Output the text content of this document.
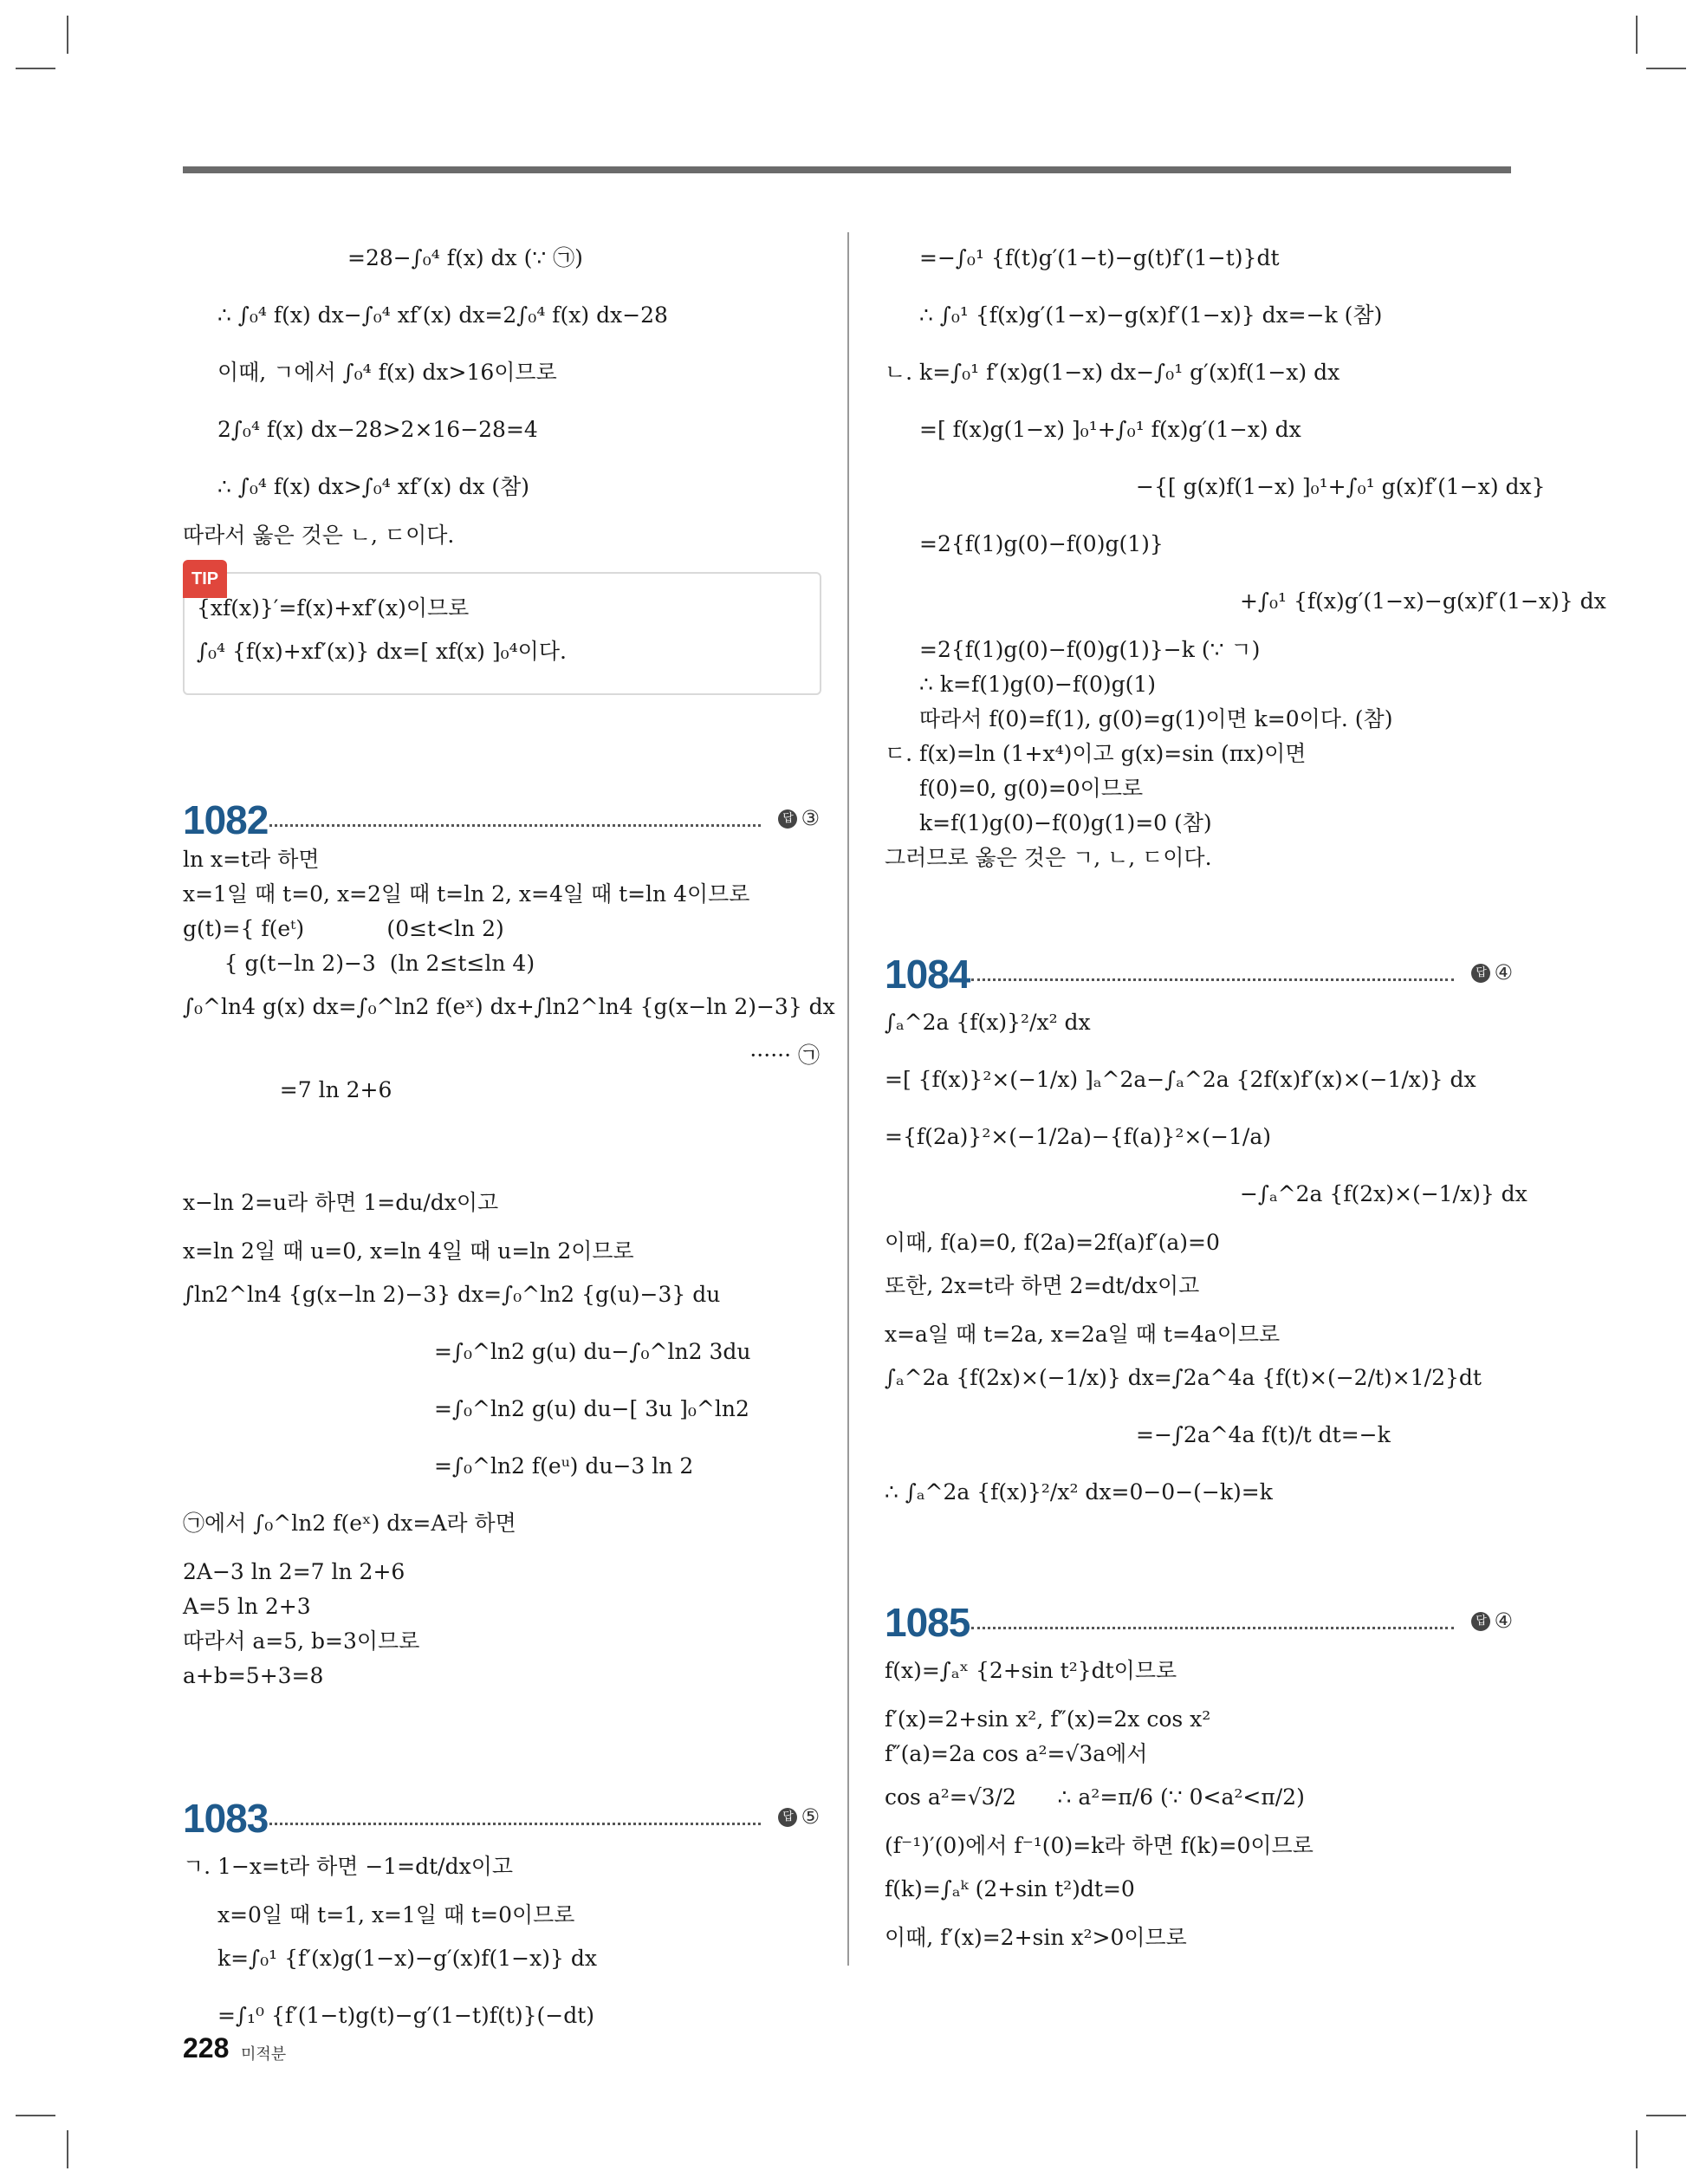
=28−∫₀⁴ f(x) dx (∵ ㉠)
∴ ∫₀⁴ f(x) dx−∫₀⁴ xf′(x) dx=2∫₀⁴ f(x) dx−28
이때, ㄱ에서 ∫₀⁴ f(x) dx>16이므로
2∫₀⁴ f(x) dx−28>2×16−28=4
∴ ∫₀⁴ f(x) dx>∫₀⁴ xf′(x) dx (참)
따라서 옳은 것은 ㄴ, ㄷ이다.
TIP
{xf(x)}′=f(x)+xf′(x)이므로
∫₀⁴ {f(x)+xf′(x)} dx=[ xf(x) ]₀⁴이다.
1082	답 ③
ln x=t라 하면
x=1일 때 t=0, x=2일 때 t=ln 2, x=4일 때 t=ln 4이므로
g(t)={ f(eᵗ)            (0≤t<ln 2)
{ g(t−ln 2)−3  (ln 2≤t≤ln 4)
∫₀^ln4 g(x) dx=∫₀^ln2 f(eˣ) dx+∫ln2^ln4 {g(x−ln 2)−3} dx

=7 ln 2+6

······ ㉠

x−ln 2=u라 하면 1=du/dx이고
x=ln 2일 때 u=0, x=ln 4일 때 u=ln 2이므로
∫ln2^ln4 {g(x−ln 2)−3} dx=∫₀^ln2 {g(u)−3} du
=∫₀^ln2 g(u) du−∫₀^ln2 3du
=∫₀^ln2 g(u) du−[ 3u ]₀^ln2
=∫₀^ln2 f(eᵘ) du−3 ln 2
㉠에서 ∫₀^ln2 f(eˣ) dx=A라 하면
2A−3 ln 2=7 ln 2+6
A=5 ln 2+3
따라서 a=5, b=3이므로
a+b=5+3=8
1083	답 ⑤
ㄱ. 1−x=t라 하면 −1=dt/dx이고
x=0일 때 t=1, x=1일 때 t=0이므로
k=∫₀¹ {f′(x)g(1−x)−g′(x)f(1−x)} dx
=∫₁⁰ {f′(1−t)g(t)−g′(1−t)f(t)}(−dt)
=−∫₀¹ {f(t)g′(1−t)−g(t)f′(1−t)}dt
∴ ∫₀¹ {f(x)g′(1−x)−g(x)f′(1−x)} dx=−k (참)
ㄴ. k=∫₀¹ f′(x)g(1−x) dx−∫₀¹ g′(x)f(1−x) dx
=[ f(x)g(1−x) ]₀¹+∫₀¹ f(x)g′(1−x) dx
−{[ g(x)f(1−x) ]₀¹+∫₀¹ g(x)f′(1−x) dx}
=2{f(1)g(0)−f(0)g(1)}
+∫₀¹ {f(x)g′(1−x)−g(x)f′(1−x)} dx
=2{f(1)g(0)−f(0)g(1)}−k (∵ ㄱ)
∴ k=f(1)g(0)−f(0)g(1)
따라서 f(0)=f(1), g(0)=g(1)이면 k=0이다. (참)
ㄷ. f(x)=ln (1+x⁴)이고 g(x)=sin (πx)이면
f(0)=0, g(0)=0이므로
k=f(1)g(0)−f(0)g(1)=0 (참)
그러므로 옳은 것은 ㄱ, ㄴ, ㄷ이다.
1084	답 ④
∫ₐ^2a {f(x)}²/x² dx
=[ {f(x)}²×(−1/x) ]ₐ^2a−∫ₐ^2a {2f(x)f′(x)×(−1/x)} dx
={f(2a)}²×(−1/2a)−{f(a)}²×(−1/a)
−∫ₐ^2a {f(2x)×(−1/x)} dx
이때, f(a)=0, f(2a)=2f(a)f′(a)=0
또한, 2x=t라 하면 2=dt/dx이고
x=a일 때 t=2a, x=2a일 때 t=4a이므로
∫ₐ^2a {f(2x)×(−1/x)} dx=∫2a^4a {f(t)×(−2/t)×1/2}dt
=−∫2a^4a f(t)/t dt=−k
∴ ∫ₐ^2a {f(x)}²/x² dx=0−0−(−k)=k
1085	답 ④
f(x)=∫ₐˣ {2+sin t²}dt이므로
f′(x)=2+sin x², f″(x)=2x cos x²
f″(a)=2a cos a²=√3a에서
cos a²=√3/2      ∴ a²=π/6 (∵ 0<a²<π/2)
(f⁻¹)′(0)에서 f⁻¹(0)=k라 하면 f(k)=0이므로
f(k)=∫ₐᵏ (2+sin t²)dt=0
이때, f′(x)=2+sin x²>0이므로
228 미적분
